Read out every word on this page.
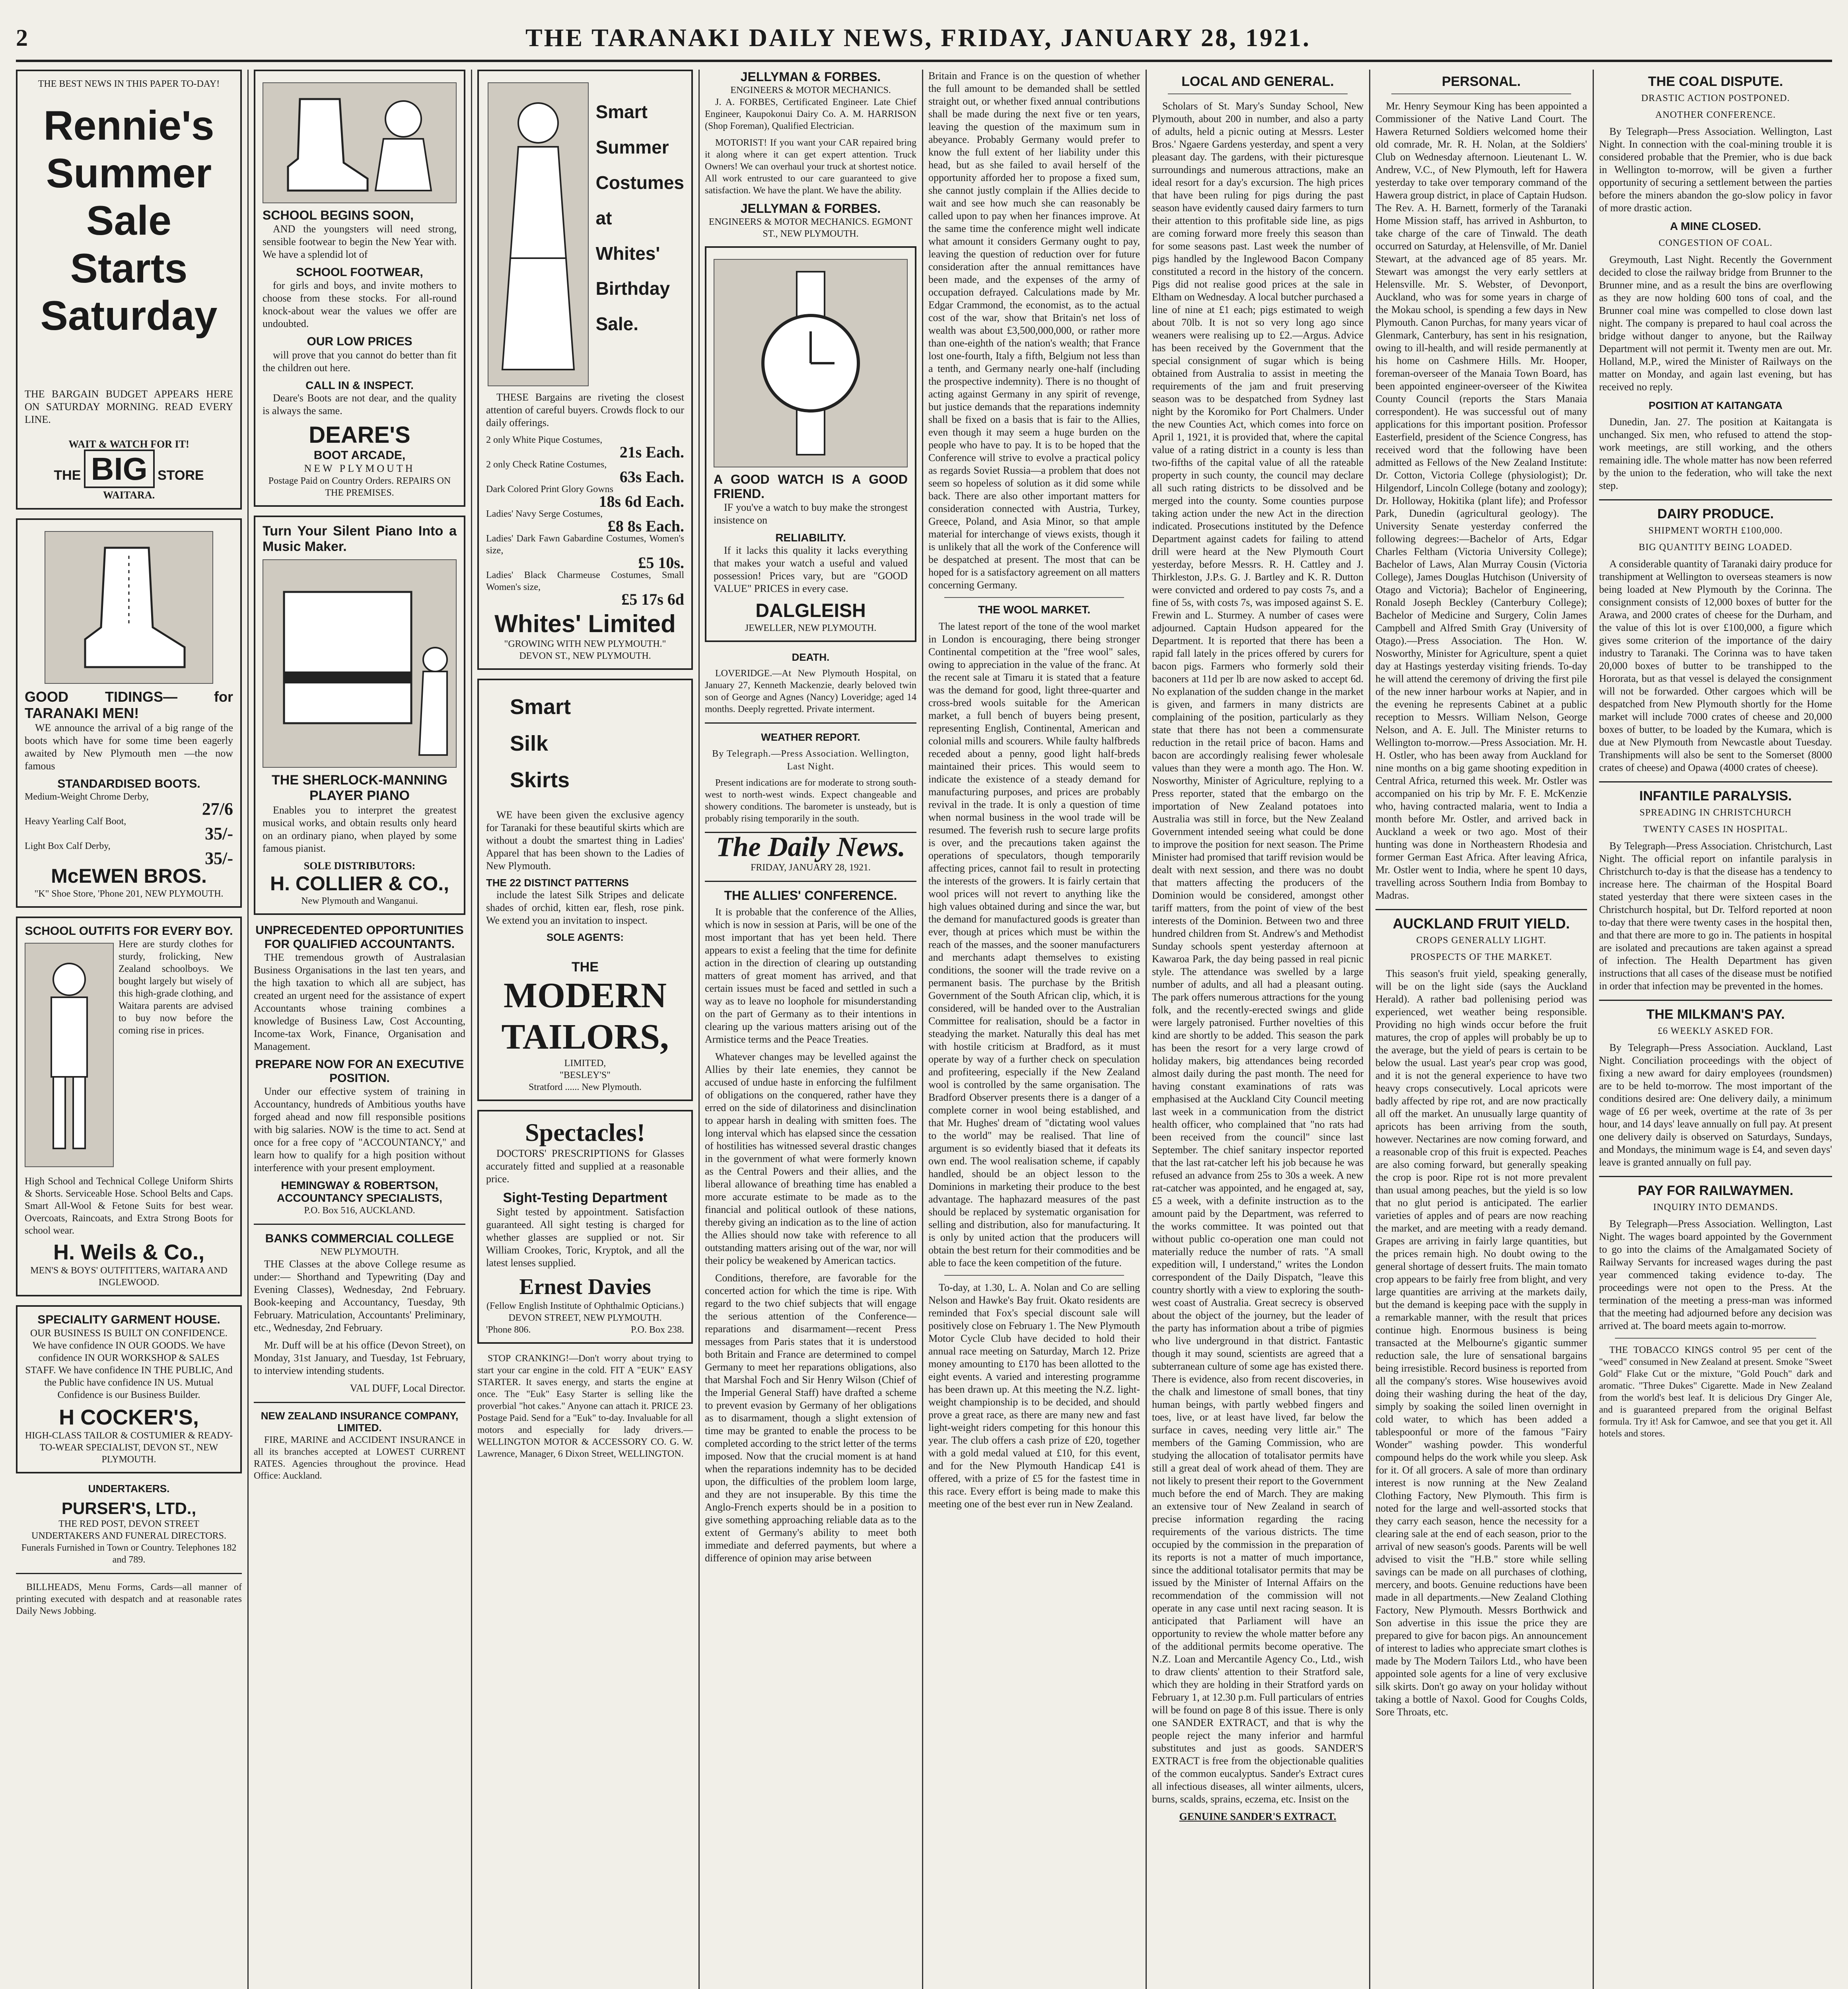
2	THE TARANAKI DAILY NEWS, FRIDAY, JANUARY 28, 1921.
THE BEST NEWS IN THIS PAPER TO-DAY!
Rennie's
Summer
Sale
Starts
Saturday
THE BARGAIN BUDGET APPEARS HERE ON SATURDAY MORNING. READ EVERY LINE.
WAIT & WATCH FOR IT!
THE BIG STORE
WAITARA.
GOOD TIDINGS— for TARANAKI MEN!

WE announce the arrival of a big range of the boots which have for some time been eagerly awaited by New Plymouth men —the now famous

STANDARDISED BOOTS.
Medium-Weight Chrome Derby,
27/6
Heavy Yearling Calf Boot,
35/-
Light Box Calf Derby,
35/-
McEWEN BROS.
"K" Shoe Store, 'Phone 201, NEW PLYMOUTH.
SCHOOL OUTFITS FOR EVERY BOY.
Here are sturdy clothes for sturdy, frolicking, New Zealand schoolboys. We bought largely but wisely of this high-grade clothing, and Waitara parents are advised to buy now before the coming rise in prices.
High School and Technical College Uniform Shirts & Shorts. Serviceable Hose. School Belts and Caps. Smart All-Wool & Fetone Suits for best wear. Overcoats, Raincoats, and Extra Strong Boots for school wear.
H. Weils & Co.,
MEN'S & BOYS' OUTFITTERS, WAITARA AND INGLEWOOD.
SPECIALITY GARMENT HOUSE.
OUR BUSINESS IS BUILT ON CONFIDENCE. We have confidence IN OUR GOODS. We have confidence IN OUR WORKSHOP & SALES STAFF. We have confidence IN THE PUBLIC, And the Public have confidence IN US. Mutual Confidence is our Business Builder.
H COCKER'S,
HIGH-CLASS TAILOR & COSTUMIER & READY-TO-WEAR SPECIALIST, DEVON ST., NEW PLYMOUTH.
UNDERTAKERS.
PURSER'S, LTD.,
THE RED POST, DEVON STREET
UNDERTAKERS AND FUNERAL DIRECTORS.
Funerals Furnished in Town or Country. Telephones 182 and 789.

BILLHEADS, Menu Forms, Cards—all manner of printing executed with despatch and at reasonable rates Daily News Jobbing.

SCHOOL BEGINS SOON,

AND the youngsters will need strong, sensible footwear to begin the New Year with. We have a splendid lot of

SCHOOL FOOTWEAR,

for girls and boys, and invite mothers to choose from these stocks. For all-round knock-about wear the values we offer are undoubted.

OUR LOW PRICES

will prove that you cannot do better than fit the children out here.

CALL IN & INSPECT.

Deare's Boots are not dear, and the quality is always the same.

DEARE'S
BOOT ARCADE,
NEW PLYMOUTH
Postage Paid on Country Orders. REPAIRS ON THE PREMISES.
Turn Your Silent Piano Into a Music Maker.
THE SHERLOCK-MANNING PLAYER PIANO

Enables you to interpret the greatest musical works, and obtain results only heard on an ordinary piano, when played by some famous pianist.

SOLE DISTRIBUTORS:
H. COLLIER & CO.,
New Plymouth and Wanganui.
UNPRECEDENTED OPPORTUNITIES FOR QUALIFIED ACCOUNTANTS.

THE tremendous growth of Australasian Business Organisations in the last ten years, and the high taxation to which all are subject, has created an urgent need for the assistance of expert Accountants whose training combines a knowledge of Business Law, Cost Accounting, Income-tax Work, Finance, Organisation and Management.

PREPARE NOW FOR AN EXECUTIVE POSITION.

Under our effective system of training in Accountancy, hundreds of Ambitious youths have forged ahead and now fill responsible positions with big salaries. NOW is the time to act. Send at once for a free copy of "ACCOUNTANCY," and learn how to qualify for a high position without interference with your present employment.

HEMINGWAY & ROBERTSON, ACCOUNTANCY SPECIALISTS,
P.O. Box 516, AUCKLAND.
BANKS COMMERCIAL COLLEGE
NEW PLYMOUTH.

THE Classes at the above College resume as under:— Shorthand and Typewriting (Day and Evening Classes), Wednesday, 2nd February. Book-keeping and Accountancy, Tuesday, 9th February. Matriculation, Accountants' Preliminary, etc., Wednesday, 2nd February.

Mr. Duff will be at his office (Devon Street), on Monday, 31st January, and Tuesday, 1st February, to interview intending students.

VAL DUFF, Local Director.
NEW ZEALAND INSURANCE COMPANY, LIMITED.

FIRE, MARINE and ACCIDENT INSURANCE in all its branches accepted at LOWEST CURRENT RATES. Agencies throughout the province. Head Office: Auckland.

Smart
Summer
Costumes
at
Whites'
Birthday
Sale.

THESE Bargains are riveting the closest attention of careful buyers. Crowds flock to our daily offerings.

2 only White Pique Costumes,
21s Each.
2 only Check Ratine Costumes,
63s Each.
Dark Colored Print Glory Gowns
18s 6d Each.
Ladies' Navy Serge Costumes,
£8 8s Each.
Ladies' Dark Fawn Gabardine Costumes, Women's size,
£5 10s.
Ladies' Black Charmeuse Costumes, Small Women's size,
£5 17s 6d
Whites' Limited
"GROWING WITH NEW PLYMOUTH."
DEVON ST., NEW PLYMOUTH.
Smart
Silk
Skirts

WE have been given the exclusive agency for Taranaki for these beautiful skirts which are without a doubt the smartest thing in Ladies' Apparel that has been shown to the Ladies of New Plymouth.

THE 22 DISTINCT PATTERNS

include the latest Silk Stripes and delicate shades of orchid, kitten ear, flesh, rose pink. We extend you an invitation to inspect.

SOLE AGENTS:
THE
MODERN
TAILORS,
LIMITED,
"BESLEY'S"
Stratford ...... New Plymouth.
Spectacles!

DOCTORS' PRESCRIPTIONS for Glasses accurately fitted and supplied at a reasonable price.

Sight-Testing Department

Sight tested by appointment. Satisfaction guaranteed. All sight testing is charged for whether glasses are supplied or not. Sir William Crookes, Toric, Kryptok, and all the latest lenses supplied.

Ernest Davies
(Fellow English Institute of Ophthalmic Opticians.)
DEVON STREET, NEW PLYMOUTH.
'Phone 806.	P.O. Box 238.

STOP CRANKING!—Don't worry about trying to start your car engine in the cold. FIT A "EUK" EASY STARTER. It saves energy, and starts the engine at once. The "Euk" Easy Starter is selling like the proverbial "hot cakes." Anyone can attach it. PRICE 23. Postage Paid. Send for a "Euk" to-day. Invaluable for all motors and especially for lady drivers.—WELLINGTON MOTOR & ACCESSORY CO. G. W. Lawrence, Manager, 6 Dixon Street, WELLINGTON.

JELLYMAN & FORBES.
ENGINEERS & MOTOR MECHANICS.

J. A. FORBES, Certificated Engineer. Late Chief Engineer, Kaupokonui Dairy Co. A. M. HARRISON (Shop Foreman), Qualified Electrician.

MOTORIST! If you want your CAR repaired bring it along where it can get expert attention. Truck Owners! We can overhaul your truck at shortest notice. All work entrusted to our care guaranteed to give satisfaction. We have the plant. We have the ability.

JELLYMAN & FORBES.
ENGINEERS & MOTOR MECHANICS. EGMONT ST., NEW PLYMOUTH.
A GOOD WATCH IS A GOOD FRIEND.

IF you've a watch to buy make the strongest insistence on

RELIABILITY.

If it lacks this quality it lacks everything that makes your watch a useful and valued possession! Prices vary, but are "GOOD VALUE" PRICES in every case.

DALGLEISH
JEWELLER, NEW PLYMOUTH.
DEATH.

LOVERIDGE.—At New Plymouth Hospital, on January 27, Kenneth Mackenzie, dearly beloved twin son of George and Agnes (Nancy) Loveridge; aged 14 months. Deeply regretted. Private interment.

WEATHER REPORT.
By Telegraph.—Press Association. Wellington, Last Night.

Present indications are for moderate to strong south-west to north-west winds. Expect changeable and showery conditions. The barometer is unsteady, but is probably rising temporarily in the south.

The Daily News.
FRIDAY, JANUARY 28, 1921.
THE ALLIES' CONFERENCE.

It is probable that the conference of the Allies, which is now in session at Paris, will be one of the most important that has yet been held. There appears to exist a feeling that the time for definite action in the direction of clearing up outstanding matters of great moment has arrived, and that certain issues must be faced and settled in such a way as to leave no loophole for misunderstanding on the part of Germany as to their intentions in clearing up the various matters arising out of the Armistice terms and the Peace Treaties.

Whatever changes may be levelled against the Allies by their late enemies, they cannot be accused of undue haste in enforcing the fulfilment of obligations on the conquered, rather have they erred on the side of dilatoriness and disinclination to appear harsh in dealing with smitten foes. The long interval which has elapsed since the cessation of hostilities has witnessed several drastic changes in the government of what were formerly known as the Central Powers and their allies, and the liberal allowance of breathing time has enabled a more accurate estimate to be made as to the financial and political outlook of these nations, thereby giving an indication as to the line of action the Allies should now take with reference to all outstanding matters arising out of the war, nor will their policy be weakened by American tactics.

Conditions, therefore, are favorable for the concerted action for which the time is ripe. With regard to the two chief subjects that will engage the serious attention of the Conference—reparations and disarmament—recent Press messages from Paris states that it is understood both Britain and France are determined to compel Germany to meet her reparations obligations, also that Marshal Foch and Sir Henry Wilson (Chief of the Imperial General Staff) have drafted a scheme to prevent evasion by Germany of her obligations as to disarmament, though a slight extension of time may be granted to enable the process to be completed according to the strict letter of the terms imposed. Now that the crucial moment is at hand when the reparations indemnity has to be decided upon, the difficulties of the problem loom large, and they are not insuperable. By this time the Anglo-French experts should be in a position to give something approaching reliable data as to the extent of Germany's ability to meet both immediate and deferred payments, but where a difference of opinion may arise between

Britain and France is on the question of whether the full amount to be demanded shall be settled straight out, or whether fixed annual contributions shall be made during the next five or ten years, leaving the question of the maximum sum in abeyance. Probably Germany would prefer to know the full extent of her liability under this head, but as she failed to avail herself of the opportunity afforded her to propose a fixed sum, she cannot justly complain if the Allies decide to wait and see how much she can reasonably be called upon to pay when her finances improve. At the same time the conference might well indicate what amount it considers Germany ought to pay, leaving the question of reduction over for future consideration after the annual remittances have been made, and the expenses of the army of occupation defrayed. Calculations made by Mr. Edgar Crammond, the economist, as to the actual cost of the war, show that Britain's net loss of wealth was about £3,500,000,000, or rather more than one-eighth of the nation's wealth; that France lost one-fourth, Italy a fifth, Belgium not less than a tenth, and Germany nearly one-half (including the prospective indemnity). There is no thought of acting against Germany in any spirit of revenge, but justice demands that the reparations indemnity shall be fixed on a basis that is fair to the Allies, even though it may seem a huge burden on the people who have to pay. It is to be hoped that the Conference will strive to evolve a practical policy as regards Soviet Russia—a problem that does not seem so hopeless of solution as it did some while back. There are also other important matters for consideration connected with Austria, Turkey, Greece, Poland, and Asia Minor, so that ample material for interchange of views exists, though it is unlikely that all the work of the Conference will be despatched at present. The most that can be hoped for is a satisfactory agreement on all matters concerning Germany.

THE WOOL MARKET.

The latest report of the tone of the wool market in London is encouraging, there being stronger Continental competition at the "free wool" sales, owing to appreciation in the value of the franc. At the recent sale at Timaru it is stated that a feature was the demand for good, light three-quarter and cross-bred wools suitable for the American market, a full bench of buyers being present, representing English, Continental, American and colonial mills and scourers. While faulty halfbreds receded about a penny, good light half-breds maintained their prices. This would seem to indicate the existence of a steady demand for manufacturing purposes, and prices are probably revival in the trade. It is only a question of time when normal business in the wool trade will be resumed. The feverish rush to secure large profits is over, and the precautions taken against the operations of speculators, though temporarily affecting prices, cannot fail to result in protecting the interests of the growers. It is fairly certain that wool prices will not revert to anything like the high values obtained during and since the war, but the demand for manufactured goods is greater than ever, though at prices which must be within the reach of the masses, and the sooner manufacturers and merchants adapt themselves to existing conditions, the sooner will the trade revive on a permanent basis. The purchase by the British Government of the South African clip, which, it is considered, will be handed over to the Australian Committee for realisation, should be a factor in steadying the market. Naturally this deal has met with hostile criticism at Bradford, as it must operate by way of a further check on speculation and profiteering, especially if the New Zealand wool is controlled by the same organisation. The Bradford Observer presents there is a danger of a complete corner in wool being established, and that Mr. Hughes' dream of "dictating wool values to the world" may be realised. That line of argument is so evidently biased that it defeats its own end. The wool realisation scheme, if capably handled, should be an object lesson to the Dominions in marketing their produce to the best advantage. The haphazard measures of the past should be replaced by systematic organisation for selling and distribution, also for manufacturing. It is only by united action that the producers will obtain the best return for their commodities and be able to face the keen competition of the future.

To-day, at 1.30, L. A. Nolan and Co are selling Nelson and Hawke's Bay fruit. Okato residents are reminded that Fox's special discount sale will positively close on February 1. The New Plymouth Motor Cycle Club have decided to hold their annual race meeting on Saturday, March 12. Prize money amounting to £170 has been allotted to the eight events. A varied and interesting programme has been drawn up. At this meeting the N.Z. light-weight championship is to be decided, and should prove a great race, as there are many new and fast light-weight riders competing for this honour this year. The club offers a cash prize of £20, together with a gold medal valued at £10, for this event, and for the New Plymouth Handicap £41 is offered, with a prize of £5 for the fastest time in this race. Every effort is being made to make this meeting one of the best ever run in New Zealand.

LOCAL AND GENERAL.

Scholars of St. Mary's Sunday School, New Plymouth, about 200 in number, and also a party of adults, held a picnic outing at Messrs. Lester Bros.' Ngaere Gardens yesterday, and spent a very pleasant day. The gardens, with their picturesque surroundings and numerous attractions, make an ideal resort for a day's excursion. The high prices that have been ruling for pigs during the past season have evidently caused dairy farmers to turn their attention to this profitable side line, as pigs are coming forward more freely this season than for some seasons past. Last week the number of pigs handled by the Inglewood Bacon Company constituted a record in the history of the concern. Pigs did not realise good prices at the sale in Eltham on Wednesday. A local butcher purchased a line of nine at £1 each; pigs estimated to weigh about 70lb. It is not so very long ago since weaners were realising up to £2.—Argus. Advice has been received by the Government that the special consignment of sugar which is being obtained from Australia to assist in meeting the requirements of the jam and fruit preserving season was to be despatched from Sydney last night by the Koromiko for Port Chalmers. Under the new Counties Act, which comes into force on April 1, 1921, it is provided that, where the capital value of a rating district in a county is less than two-fifths of the capital value of all the rateable property in such county, the council may declare all such rating districts to be dissolved and be merged into the county. Some counties purpose taking action under the new Act in the direction indicated. Prosecutions instituted by the Defence Department against cadets for failing to attend drill were heard at the New Plymouth Court yesterday, before Messrs. R. H. Cattley and J. Thirkleston, J.P.s. G. J. Bartley and K. R. Dutton were convicted and ordered to pay costs 7s, and a fine of 5s, with costs 7s, was imposed against S. E. Frewin and L. Sturmey. A number of cases were adjourned. Captain Hudson appeared for the Department. It is reported that there has been a rapid fall lately in the prices offered by curers for bacon pigs. Farmers who formerly sold their baconers at 11d per lb are now asked to accept 6d. No explanation of the sudden change in the market is given, and farmers in many districts are complaining of the position, particularly as they state that there has not been a commensurate reduction in the retail price of bacon. Hams and bacon are accordingly realising fewer wholesale values than they were a month ago. The Hon. W. Nosworthy, Minister of Agriculture, replying to a Press reporter, stated that the embargo on the importation of New Zealand potatoes into Australia was still in force, but the New Zealand Government intended seeing what could be done to improve the position for next season. The Prime Minister had promised that tariff revision would be dealt with next session, and there was no doubt that matters affecting the producers of the Dominion would be considered, amongst other tariff matters, from the point of view of the best interests of the Dominion. Between two and three hundred children from St. Andrew's and Methodist Sunday schools spent yesterday afternoon at Kawaroa Park, the day being passed in real picnic style. The attendance was swelled by a large number of adults, and all had a pleasant outing. The park offers numerous attractions for the young folk, and the recently-erected swings and glide were largely patronised. Further novelties of this kind are shortly to be added. This season the park has been the resort for a very large crowd of holiday makers, big attendances being recorded almost daily during the past month. The need for having constant examinations of rats was emphasised at the Auckland City Council meeting last week in a communication from the district health officer, who complained that "no rats had been received from the council" since last September. The chief sanitary inspector reported that the last rat-catcher left his job because he was refused an advance from 25s to 30s a week. A new rat-catcher was appointed, and he engaged at, say, £5 a week, with a definite instruction as to the amount paid by the Department, was referred to the works committee. It was pointed out that without public co-operation one man could not materially reduce the number of rats. "A small expedition will, I understand," writes the London correspondent of the Daily Dispatch, "leave this country shortly with a view to exploring the south-west coast of Australia. Great secrecy is observed about the object of the journey, but the leader of the party has information about a tribe of pigmies who live underground in that district. Fantastic though it may sound, scientists are agreed that a subterranean culture of some age has existed there. There is evidence, also from recent discoveries, in the chalk and limestone of small bones, that tiny human beings, with partly webbed fingers and toes, live, or at least have lived, far below the surface in caves, needing very little air." The members of the Gaming Commission, who are studying the allocation of totalisator permits have still a great deal of work ahead of them. They are not likely to present their report to the Government much before the end of March. They are making an extensive tour of New Zealand in search of precise information regarding the racing requirements of the various districts. The time occupied by the commission in the preparation of its reports is not a matter of much importance, since the additional totalisator permits that may be issued by the Minister of Internal Affairs on the recommendation of the commission will not operate in any case until next racing season. It is anticipated that Parliament will have an opportunity to review the whole matter before any of the additional permits become operative. The N.Z. Loan and Mercantile Agency Co., Ltd., wish to draw clients' attention to their Stratford sale, which they are holding in their Stratford yards on February 1, at 12.30 p.m. Full particulars of entries will be found on page 8 of this issue. There is only one SANDER EXTRACT, and that is why the people reject the many inferior and harmful substitutes and just as goods. SANDER'S EXTRACT is free from the objectionable qualities of the common eucalyptus. Sander's Extract cures all infectious diseases, all winter ailments, ulcers, burns, scalds, sprains, eczema, etc. Insist on the

GENUINE SANDER'S EXTRACT.
PERSONAL.

Mr. Henry Seymour King has been appointed a Commissioner of the Native Land Court. The Hawera Returned Soldiers welcomed home their old comrade, Mr. R. H. Nolan, at the Soldiers' Club on Wednesday afternoon. Lieutenant L. W. Andrew, V.C., of New Plymouth, left for Hawera yesterday to take over temporary command of the Hawera group district, in place of Captain Hudson. The Rev. A. H. Barnett, formerly of the Taranaki Home Mission staff, has arrived in Ashburton, to take charge of the care of Tinwald. The death occurred on Saturday, at Helensville, of Mr. Daniel Stewart, at the advanced age of 85 years. Mr. Stewart was amongst the very early settlers at Helensville. Mr. S. Webster, of Devonport, Auckland, who was for some years in charge of the Mokau school, is spending a few days in New Plymouth. Canon Purchas, for many years vicar of Glenmark, Canterbury, has sent in his resignation, owing to ill-health, and will reside permanently at his home on Cashmere Hills. Mr. Hooper, foreman-overseer of the Manaia Town Board, has been appointed engineer-overseer of the Kiwitea County Council (reports the Stars Manaia correspondent). He was successful out of many applications for this important position. Professor Easterfield, president of the Science Congress, has received word that the following have been admitted as Fellows of the New Zealand Institute: Dr. Cotton, Victoria College (physiologist); Dr. Hilgendorf, Lincoln College (botany and zoology); Dr. Holloway, Hokitika (plant life); and Professor Park, Dunedin (agricultural geology). The University Senate yesterday conferred the following degrees:—Bachelor of Arts, Edgar Charles Feltham (Victoria University College); Bachelor of Laws, Alan Murray Cousin (Victoria College), James Douglas Hutchison (University of Otago and Victoria); Bachelor of Engineering, Ronald Joseph Beckley (Canterbury College); Bachelor of Medicine and Surgery, Colin James Campbell and Alfred Smith Gray (University of Otago).—Press Association. The Hon. W. Nosworthy, Minister for Agriculture, spent a quiet day at Hastings yesterday visiting friends. To-day he will attend the ceremony of driving the first pile of the new inner harbour works at Napier, and in the evening he represents Cabinet at a public reception to Messrs. William Nelson, George Nelson, and A. E. Jull. The Minister returns to Wellington to-morrow.—Press Association. Mr. H. H. Ostler, who has been away from Auckland for nine months on a big game shooting expedition in Central Africa, returned this week. Mr. Ostler was accompanied on his trip by Mr. F. E. McKenzie who, having contracted malaria, went to India a month before Mr. Ostler, and arrived back in Auckland a week or two ago. Most of their hunting was done in Northeastern Rhodesia and former German East Africa. After leaving Africa, Mr. Ostler went to India, where he spent 10 days, travelling across Southern India from Bombay to Madras.

AUCKLAND FRUIT YIELD.
CROPS GENERALLY LIGHT.
PROSPECTS OF THE MARKET.

This season's fruit yield, speaking generally, will be on the light side (says the Auckland Herald). A rather bad pollenising period was experienced, wet weather being responsible. Providing no high winds occur before the fruit matures, the crop of apples will probably be up to the average, but the yield of pears is certain to be below the usual. Last year's pear crop was good, and it is not the general experience to have two heavy crops consecutively. Local apricots were badly affected by ripe rot, and are now practically all off the market. An unusually large quantity of apricots has been arriving from the south, however. Nectarines are now coming forward, and a reasonable crop of this fruit is expected. Peaches are also coming forward, but generally speaking the crop is poor. Ripe rot is not more prevalent than usual among peaches, but the yield is so low that no glut period is anticipated. The earlier varieties of apples and of pears are now reaching the market, and are meeting with a ready demand. Grapes are arriving in fairly large quantities, but the prices remain high. No doubt owing to the general shortage of dessert fruits. The main tomato crop appears to be fairly free from blight, and very large quantities are arriving at the markets daily, but the demand is keeping pace with the supply in a remarkable manner, with the result that prices continue high. Enormous business is being transacted at the Melbourne's gigantic summer reduction sale, the lure of sensational bargains being irresistible. Record business is reported from all the company's stores. Wise housewives avoid doing their washing during the heat of the day, simply by soaking the soiled linen overnight in cold water, to which has been added a tablespoonful or more of the famous "Fairy Wonder" washing powder. This wonderful compound helps do the work while you sleep. Ask for it. Of all grocers. A sale of more than ordinary interest is now running at the New Zealand Clothing Factory, New Plymouth. This firm is noted for the large and well-assorted stocks that they carry each season, hence the necessity for a clearing sale at the end of each season, prior to the arrival of new season's goods. Parents will be well advised to visit the "H.B." store while selling savings can be made on all purchases of clothing, mercery, and boots. Genuine reductions have been made in all departments.—New Zealand Clothing Factory, New Plymouth. Messrs Borthwick and Son advertise in this issue the price they are prepared to give for bacon pigs. An announcement of interest to ladies who appreciate smart clothes is made by The Modern Tailors Ltd., who have been appointed sole agents for a line of very exclusive silk skirts. Don't go away on your holiday without taking a bottle of Naxol. Good for Coughs Colds, Sore Throats, etc.

THE COAL DISPUTE.
DRASTIC ACTION POSTPONED.
ANOTHER CONFERENCE.

By Telegraph—Press Association. Wellington, Last Night. In connection with the coal-mining trouble it is considered probable that the Premier, who is due back in Wellington to-morrow, will be given a further opportunity of securing a settlement between the parties before the miners abandon the go-slow policy in favor of more drastic action.

A MINE CLOSED.
CONGESTION OF COAL.

Greymouth, Last Night. Recently the Government decided to close the railway bridge from Brunner to the Brunner mine, and as a result the bins are overflowing as they are now holding 600 tons of coal, and the Brunner coal mine was compelled to close down last night. The company is prepared to haul coal across the bridge without danger to anyone, but the Railway Department will not permit it. Twenty men are out. Mr. Holland, M.P., wired the Minister of Railways on the matter on Monday, and again last evening, but has received no reply.

POSITION AT KAITANGATA

Dunedin, Jan. 27. The position at Kaitangata is unchanged. Six men, who refused to attend the stop-work meetings, are still working, and the others remaining idle. The whole matter has now been referred by the union to the federation, who will take the next step.

DAIRY PRODUCE.
SHIPMENT WORTH £100,000.
BIG QUANTITY BEING LOADED.

A considerable quantity of Taranaki dairy produce for transhipment at Wellington to overseas steamers is now being loaded at New Plymouth by the Corinna. The consignment consists of 12,000 boxes of butter for the Arawa, and 2000 crates of cheese for the Durham, and the value of this lot is over £100,000, a figure which gives some criterion of the importance of the dairy industry to Taranaki. The Corinna was to have taken 20,000 boxes of butter to be transhipped to the Hororata, but as that vessel is delayed the consignment will not be forwarded. Other cargoes which will be despatched from New Plymouth shortly for the Home market will include 7000 crates of cheese and 20,000 boxes of butter, to be loaded by the Kumara, which is due at New Plymouth from Newcastle about Tuesday. Transhipments will also be sent to the Somerset (8000 crates of cheese) and Opawa (4000 crates of cheese).

INFANTILE PARALYSIS.
SPREADING IN CHRISTCHURCH
TWENTY CASES IN HOSPITAL.

By Telegraph—Press Association. Christchurch, Last Night. The official report on infantile paralysis in Christchurch to-day is that the disease has a tendency to increase here. The chairman of the Hospital Board stated yesterday that there were sixteen cases in the Christchurch hospital, but Dr. Telford reported at noon to-day that there were twenty cases in the hospital then, and that there are more to go in. The patients in hospital are isolated and precautions are taken against a spread of infection. The Health Department has given instructions that all cases of the disease must be notified in order that infection may be prevented in the homes.

THE MILKMAN'S PAY.
£6 WEEKLY ASKED FOR.

By Telegraph—Press Association. Auckland, Last Night. Conciliation proceedings with the object of fixing a new award for dairy employees (roundsmen) are to be held to-morrow. The most important of the conditions desired are: One delivery daily, a minimum wage of £6 per week, overtime at the rate of 3s per hour, and 14 days' leave annually on full pay. At present one delivery daily is observed on Saturdays, Sundays, and Mondays, the minimum wage is £4, and seven days' leave is granted annually on full pay.

PAY FOR RAILWAYMEN.
INQUIRY INTO DEMANDS.

By Telegraph—Press Association. Wellington, Last Night. The wages board appointed by the Government to go into the claims of the Amalgamated Society of Railway Servants for increased wages during the past year commenced taking evidence to-day. The proceedings were not open to the Press. At the termination of the meeting a press-man was informed that the meeting had adjourned before any decision was arrived at. The board meets again to-morrow.

THE TOBACCO KINGS control 95 per cent of the "weed" consumed in New Zealand at present. Smoke "Sweet Gold" Flake Cut or the mixture, "Gold Pouch" dark and aromatic. "Three Dukes" Cigarette. Made in New Zealand from the world's best leaf. It is delicious Dry Ginger Ale, and is guaranteed prepared from the original Belfast formula. Try it! Ask for Camwoe, and see that you get it. All hotels and stores.
